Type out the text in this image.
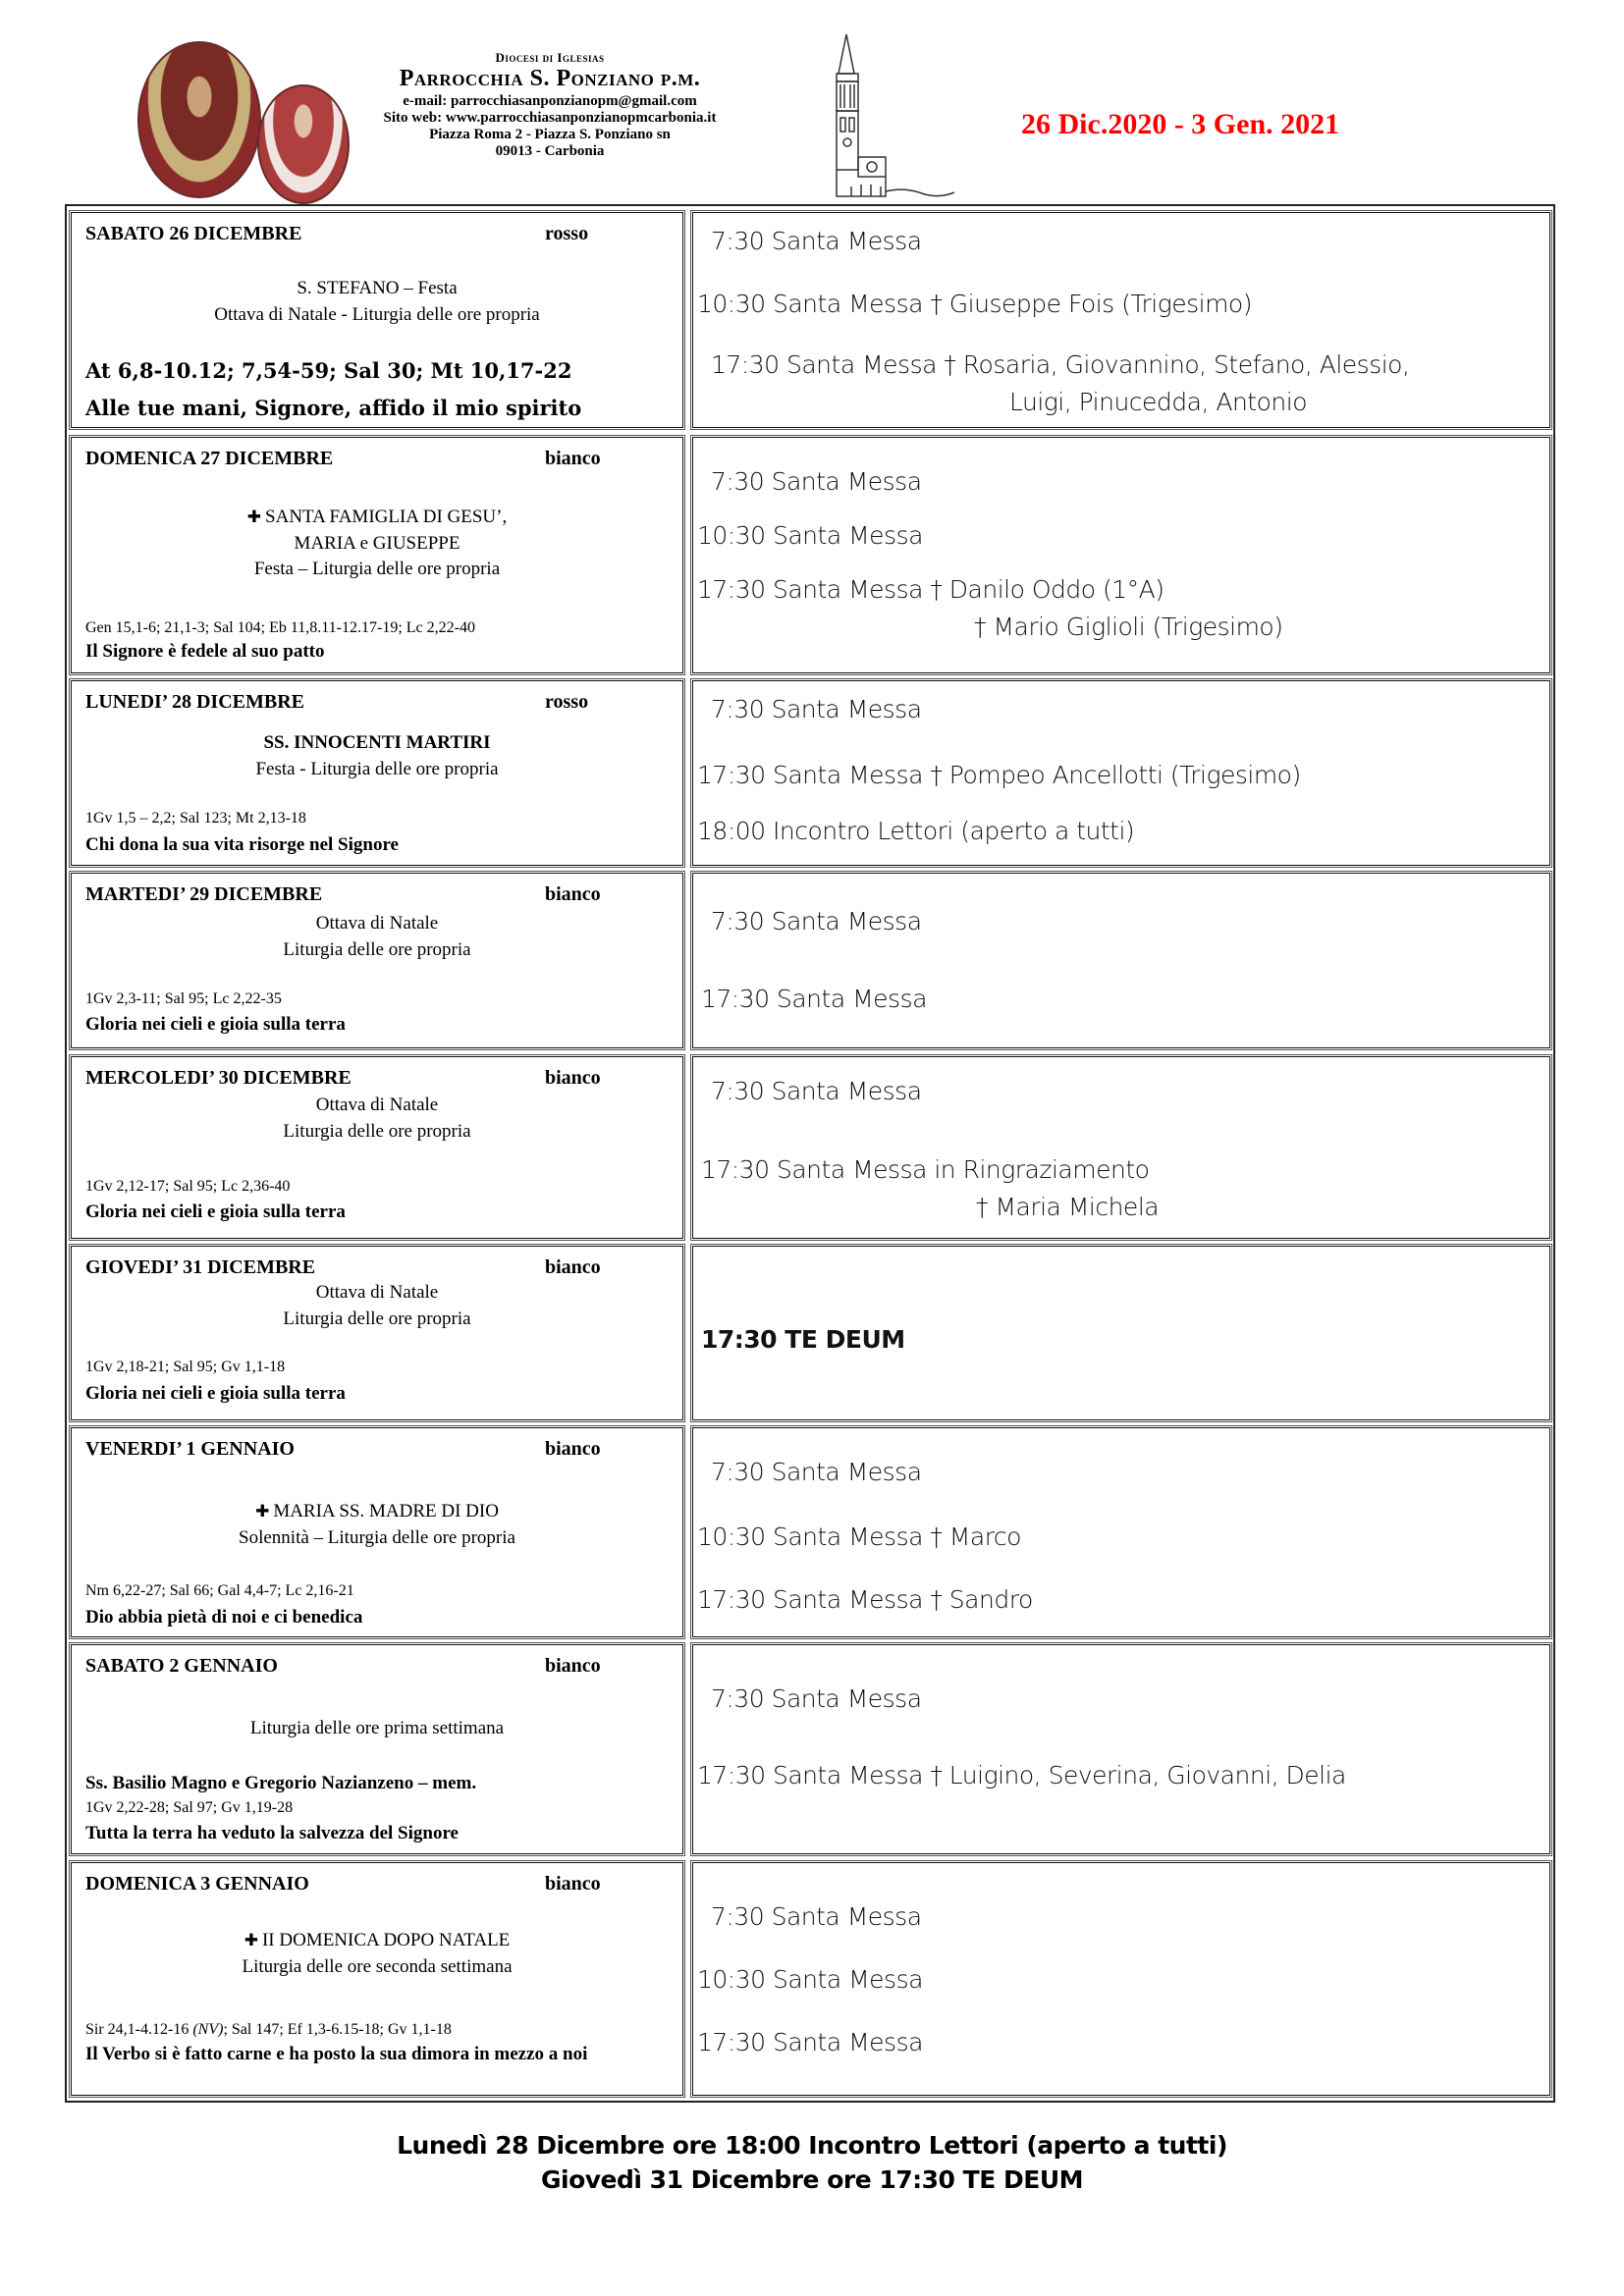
Diocesi di Iglesias
Parrocchia S. Ponziano p.m.
e-mail: parrocchiasanponzianopm@gmail.com
Sito web: www.parrocchiasanponzianopmcarbonia.it
Piazza Roma 2 - Piazza S. Ponziano sn
09013 - Carbonia
26 Dic.2020 - 3 Gen. 2021
SABATO 26 DICEMBRE	rosso
S. STEFANO – Festa
Ottava di Natale - Liturgia delle ore propria
At 6,8-10.12; 7,54-59; Sal 30; Mt 10,17-22
Alle tue mani, Signore, affido il mio spirito
7:30 Santa Messa
10:30 Santa Messa † Giuseppe Fois (Trigesimo)
17:30 Santa Messa † Rosaria, Giovannino, Stefano, Alessio,
Luigi, Pinucedda, Antonio
DOMENICA 27 DICEMBRE	bianco
✚ SANTA FAMIGLIA DI GESU’,
MARIA e GIUSEPPE
Festa – Liturgia delle ore propria
Gen 15,1-6; 21,1-3; Sal 104; Eb 11,8.11-12.17-19; Lc 2,22-40
Il Signore è fedele al suo patto
7:30 Santa Messa
10:30 Santa Messa
17:30 Santa Messa † Danilo Oddo (1°A)
† Mario Giglioli (Trigesimo)
LUNEDI’ 28 DICEMBRE	rosso
SS. INNOCENTI MARTIRI
Festa - Liturgia delle ore propria
1Gv 1,5 – 2,2; Sal 123; Mt 2,13-18
Chi dona la sua vita risorge nel Signore
7:30 Santa Messa
17:30 Santa Messa † Pompeo Ancellotti (Trigesimo)
18:00 Incontro Lettori (aperto a tutti)
MARTEDI’ 29 DICEMBRE	bianco
Ottava di Natale
Liturgia delle ore propria
1Gv 2,3-11; Sal 95; Lc 2,22-35
Gloria nei cieli e gioia sulla terra
7:30 Santa Messa
17:30 Santa Messa
MERCOLEDI’ 30 DICEMBRE	bianco
Ottava di Natale
Liturgia delle ore propria
1Gv 2,12-17; Sal 95; Lc 2,36-40
Gloria nei cieli e gioia sulla terra
7:30 Santa Messa
17:30 Santa Messa in Ringraziamento
† Maria Michela
GIOVEDI’ 31 DICEMBRE	bianco
Ottava di Natale
Liturgia delle ore propria
1Gv 2,18-21; Sal 95; Gv 1,1-18
Gloria nei cieli e gioia sulla terra
17:30 TE DEUM
VENERDI’ 1 GENNAIO	bianco
✚ MARIA SS. MADRE DI DIO
Solennità – Liturgia delle ore propria
Nm 6,22-27; Sal 66; Gal 4,4-7; Lc 2,16-21
Dio abbia pietà di noi e ci benedica
7:30 Santa Messa
10:30 Santa Messa † Marco
17:30 Santa Messa † Sandro
SABATO 2 GENNAIO	bianco
Liturgia delle ore prima settimana
Ss. Basilio Magno e Gregorio Nazianzeno – mem.
1Gv 2,22-28; Sal 97; Gv 1,19-28
Tutta la terra ha veduto la salvezza del Signore
7:30 Santa Messa
17:30 Santa Messa † Luigino, Severina, Giovanni, Delia
DOMENICA 3 GENNAIO	bianco
✚ II DOMENICA DOPO NATALE
Liturgia delle ore seconda settimana
Sir 24,1-4.12-16 (NV); Sal 147; Ef 1,3-6.15-18; Gv 1,1-18
Il Verbo si è fatto carne e ha posto la sua dimora in mezzo a noi
7:30 Santa Messa
10:30 Santa Messa
17:30 Santa Messa
Lunedì 28 Dicembre ore 18:00 Incontro Lettori (aperto a tutti)
Giovedì 31 Dicembre ore 17:30 TE DEUM
